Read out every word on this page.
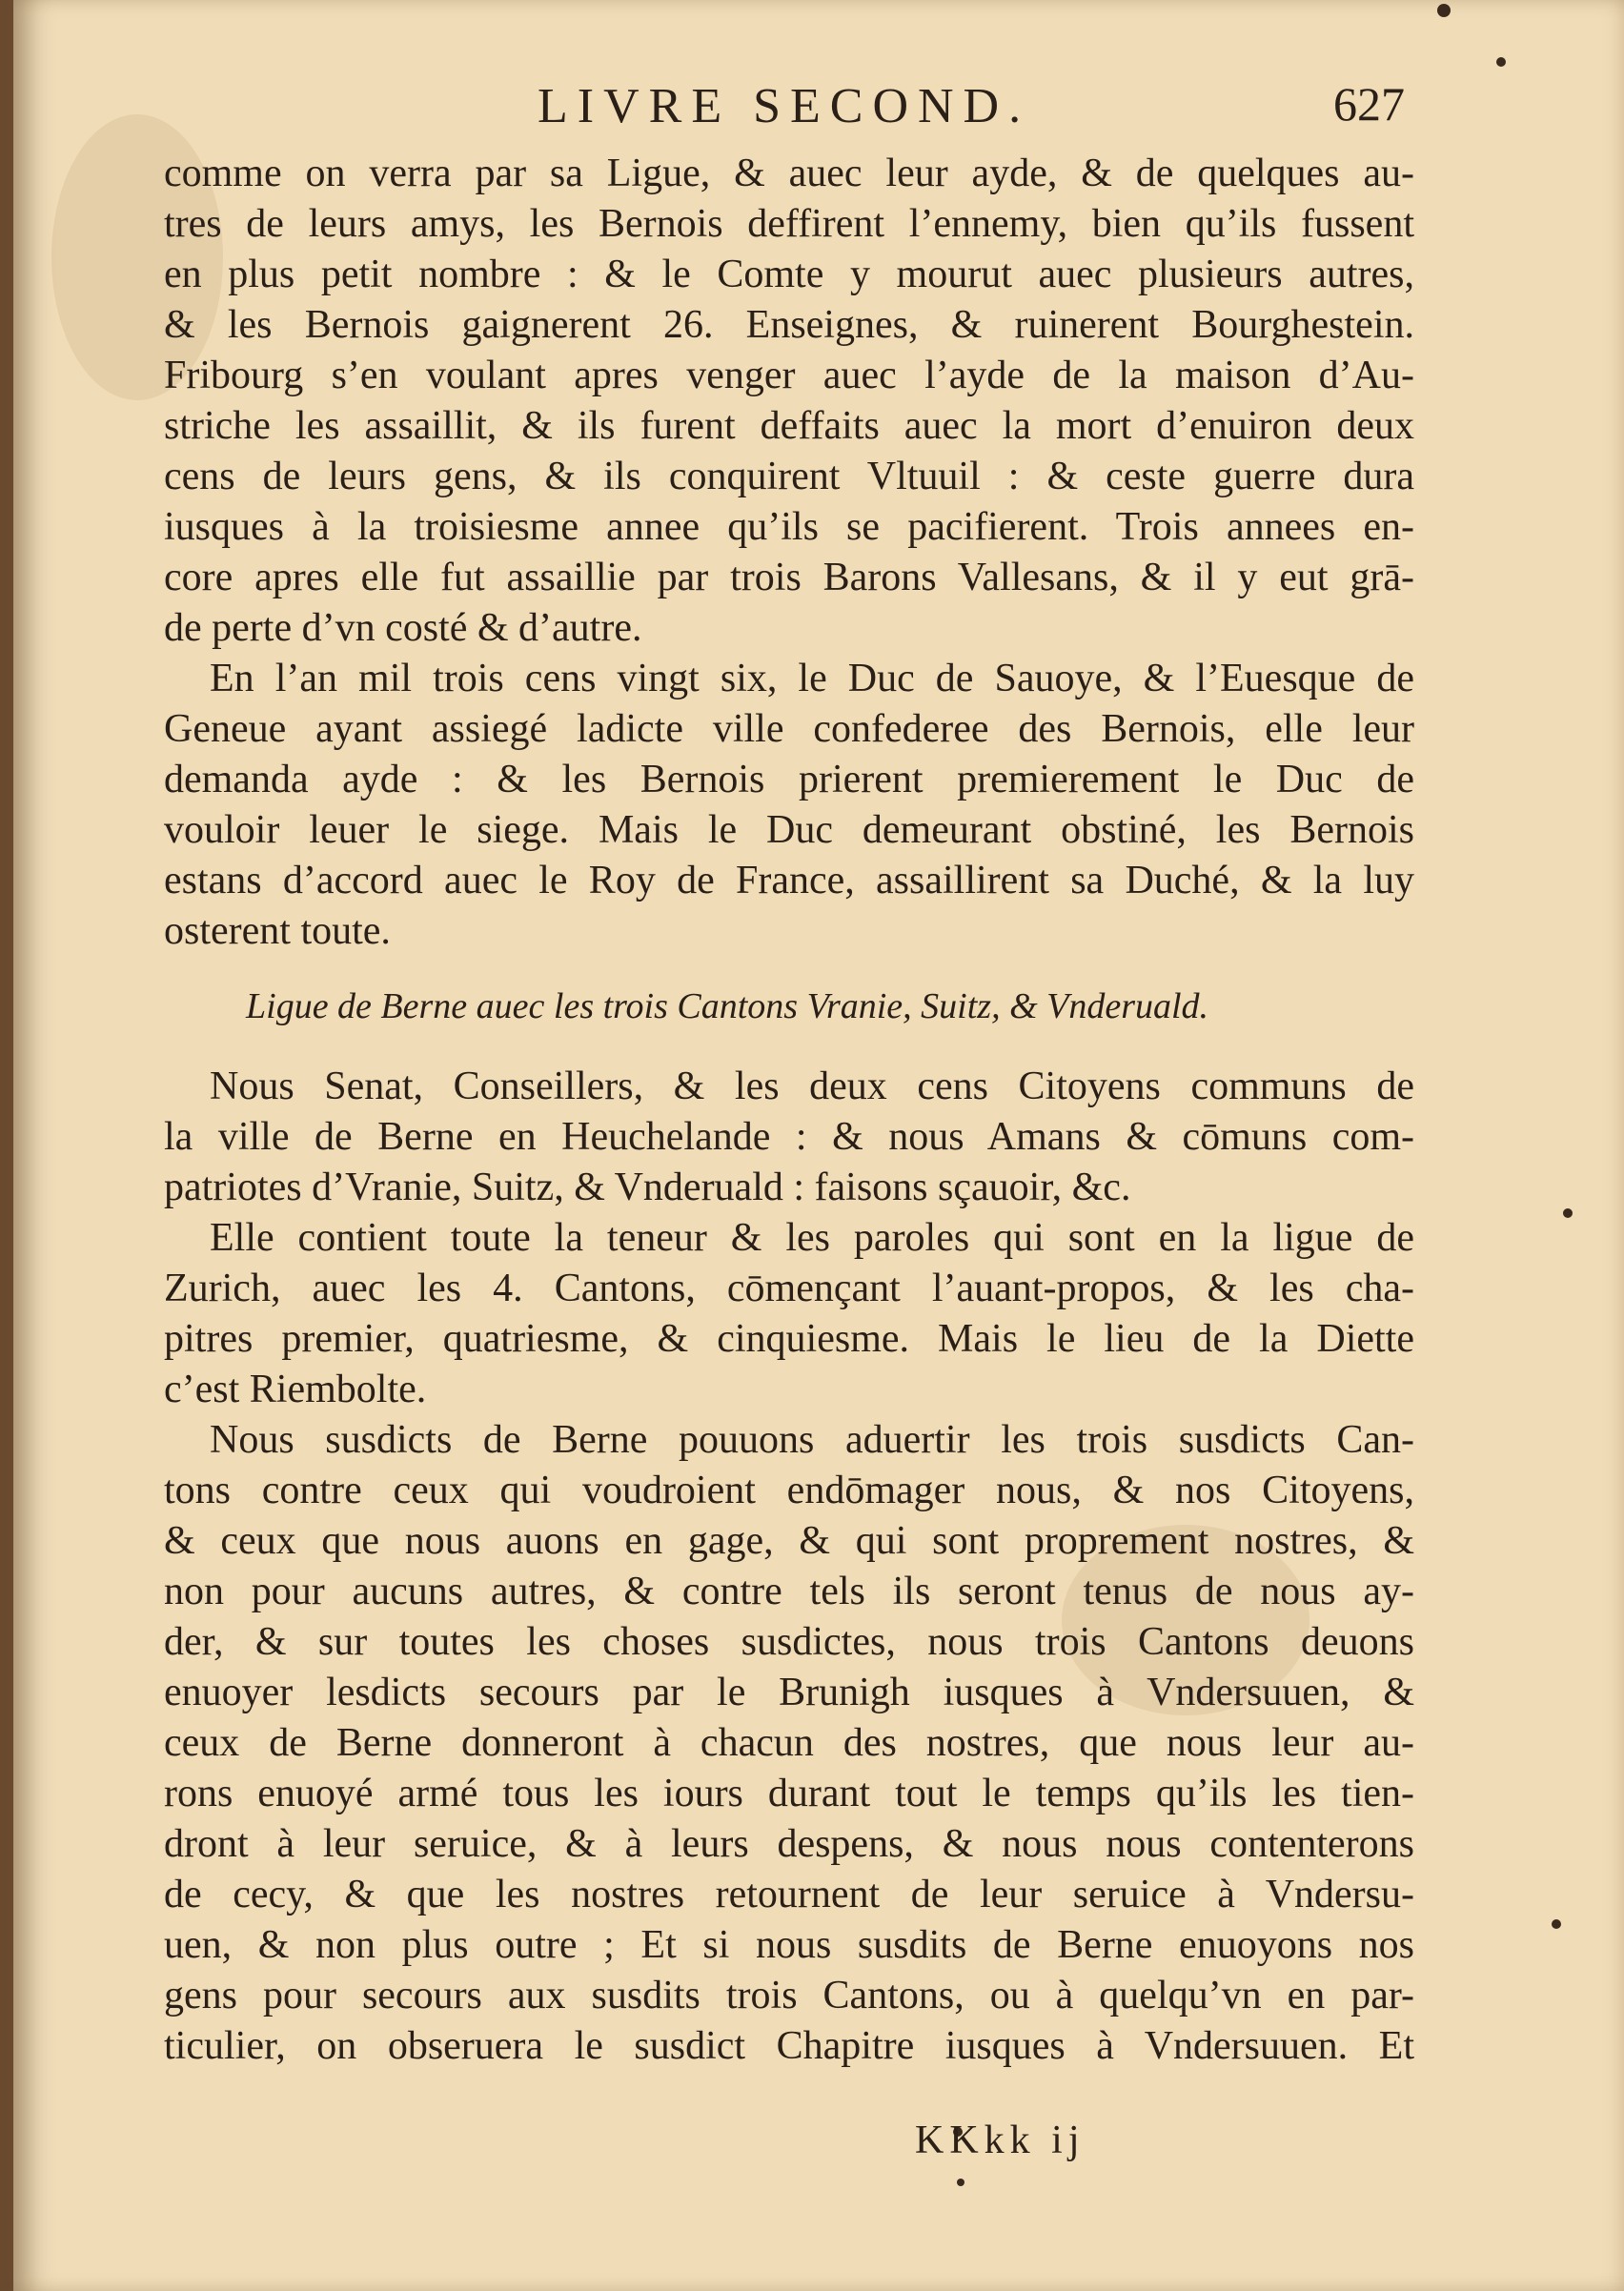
LIVRE SECOND.	627
comme on verra par sa Ligue, & auec leur ayde, & de quelques au-
tres de leurs amys, les Bernois deffirent l’ennemy, bien qu’ils fussent
en plus petit nombre : & le Comte y mourut auec plusieurs autres,
& les Bernois gaignerent 26. Enseignes, & ruinerent Bourghestein.
Fribourg s’en voulant apres venger auec l’ayde de la maison d’Au-
striche les assaillit, & ils furent deffaits auec la mort d’enuiron deux
cens de leurs gens, & ils conquirent Vltuuil : & ceste guerre dura
iusques à la troisiesme annee qu’ils se pacifierent. Trois annees en-
core apres elle fut assaillie par trois Barons Vallesans, & il y eut grā-
de perte d’vn costé & d’autre.
En l’an mil trois cens vingt six, le Duc de Sauoye, & l’Euesque de
Geneue ayant assiegé ladicte ville confederee des Bernois, elle leur
demanda ayde : & les Bernois prierent premierement le Duc de
vouloir leuer le siege. Mais le Duc demeurant obstiné, les Bernois
estans d’accord auec le Roy de France, assaillirent sa Duché, & la luy
osterent toute.
Ligue de Berne auec les trois Cantons Vranie, Suitz, & Vnderuald.
Nous Senat, Conseillers, & les deux cens Citoyens communs de
la ville de Berne en Heuchelande : & nous Amans & cōmuns com-
patriotes d’Vranie, Suitz, & Vnderuald : faisons sçauoir, &c.
Elle contient toute la teneur & les paroles qui sont en la ligue de
Zurich, auec les 4. Cantons, cōmençant l’auant-propos, & les cha-
pitres premier, quatriesme, & cinquiesme. Mais le lieu de la Diette
c’est Riembolte.
Nous susdicts de Berne pouuons aduertir les trois susdicts Can-
tons contre ceux qui voudroient endōmager nous, & nos Citoyens,
& ceux que nous auons en gage, & qui sont proprement nostres, &
non pour aucuns autres, & contre tels ils seront tenus de nous ay-
der, & sur toutes les choses susdictes, nous trois Cantons deuons
enuoyer lesdicts secours par le Brunigh iusques à Vndersuuen, &
ceux de Berne donneront à chacun des nostres, que nous leur au-
rons enuoyé armé tous les iours durant tout le temps qu’ils les tien-
dront à leur seruice, & à leurs despens, & nous nous contenterons
de cecy, & que les nostres retournent de leur seruice à Vndersu-
uen, & non plus outre ; Et si nous susdits de Berne enuoyons nos
gens pour secours aux susdits trois Cantons, ou à quelqu’vn en par-
ticulier, on obseruera le susdict Chapitre iusques à Vndersuuen. Et
KKkk ij
